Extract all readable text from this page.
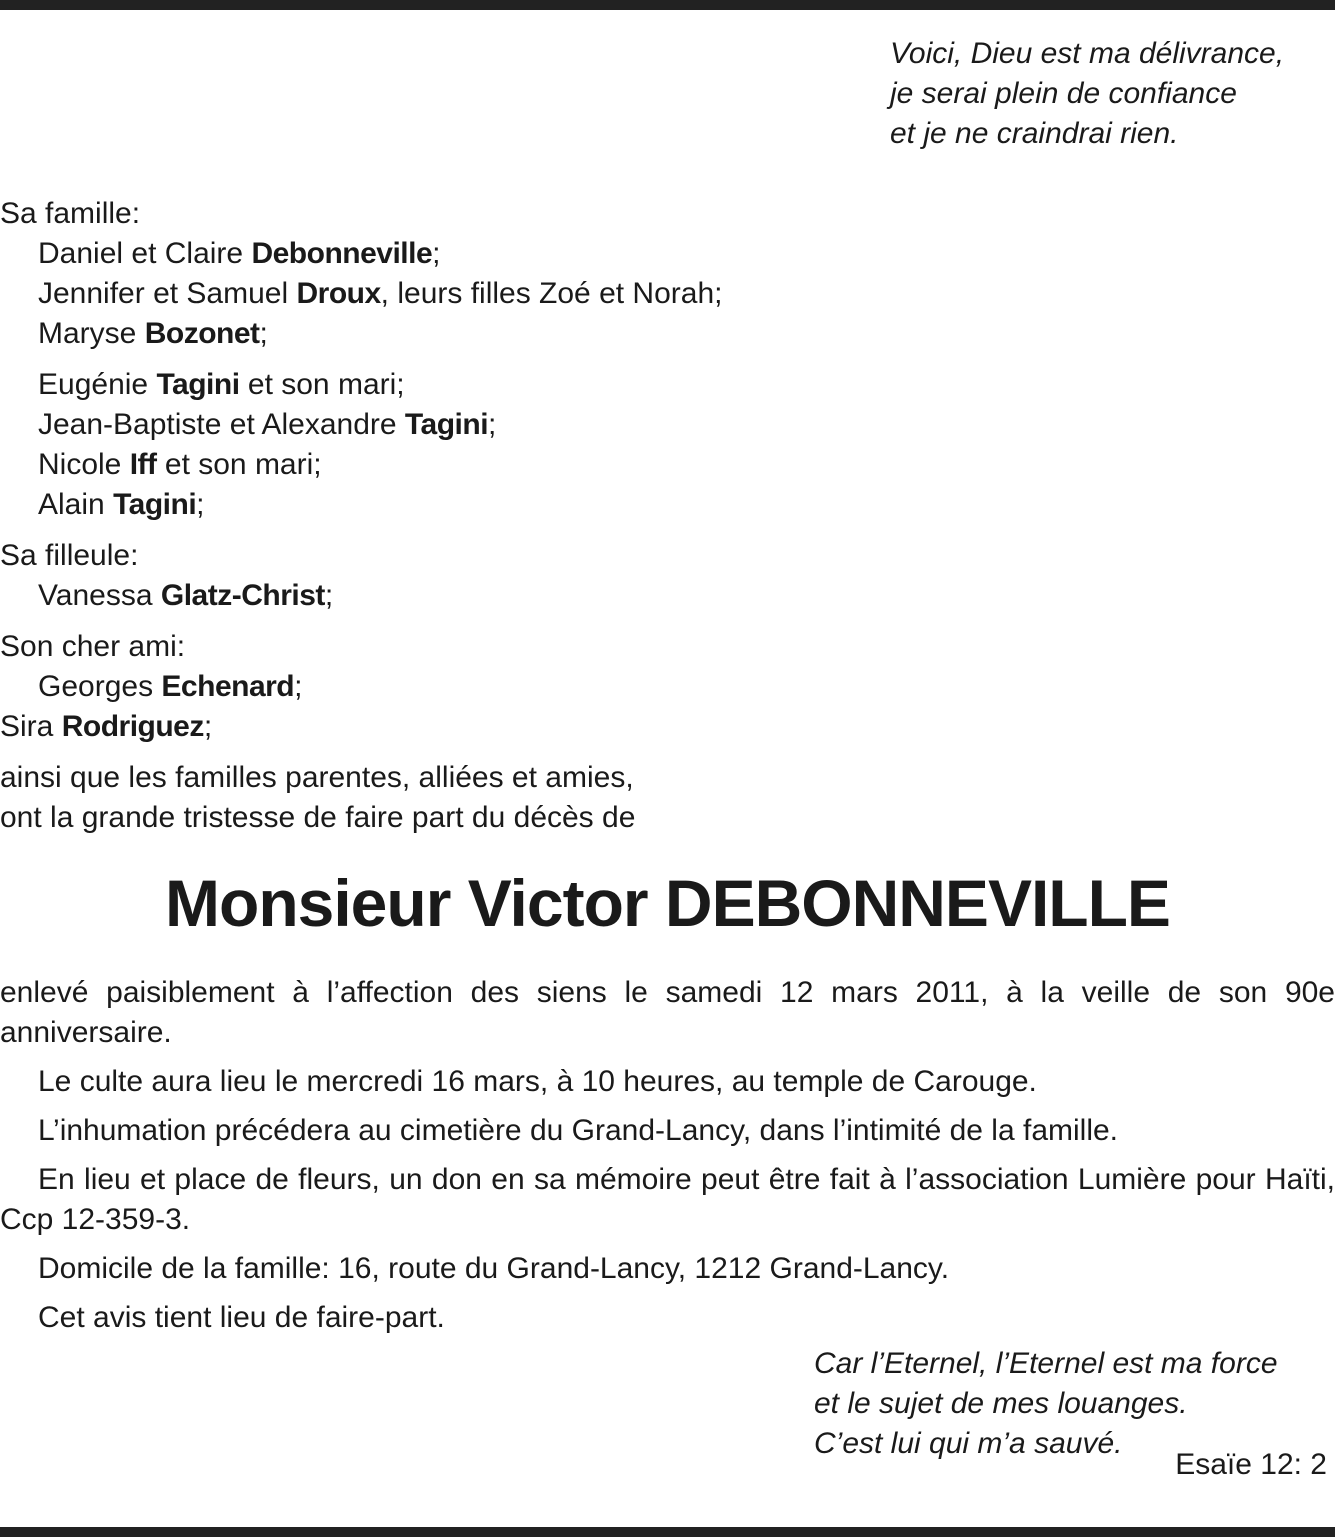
Voici, Dieu est ma délivrance,
je serai plein de confiance
et je ne craindrai rien.
Sa famille:
Daniel et Claire Debonneville;
Jennifer et Samuel Droux, leurs filles Zoé et Norah;
Maryse Bozonet;
Eugénie Tagini et son mari;
Jean-Baptiste et Alexandre Tagini;
Nicole Iff et son mari;
Alain Tagini;
Sa filleule:
Vanessa Glatz-Christ;
Son cher ami:
Georges Echenard;
Sira Rodriguez;
ainsi que les familles parentes, alliées et amies,
ont la grande tristesse de faire part du décès de
Monsieur Victor DEBONNEVILLE
enlevé paisiblement à l’affection des siens le samedi 12 mars 2011, à la veille de son 90e anniversaire.
Le culte aura lieu le mercredi 16 mars, à 10 heures, au temple de Carouge.
L’inhumation précédera au cimetière du Grand-Lancy, dans l’intimité de la famille.
En lieu et place de fleurs, un don en sa mémoire peut être fait à l’association Lumière pour Haïti, Ccp 12-359-3.
Domicile de la famille: 16, route du Grand-Lancy, 1212 Grand-Lancy.
Cet avis tient lieu de faire-part.
Car l’Eternel, l’Eternel est ma force
et le sujet de mes louanges.
C’est lui qui m’a sauvé.
Esaïe 12: 2
